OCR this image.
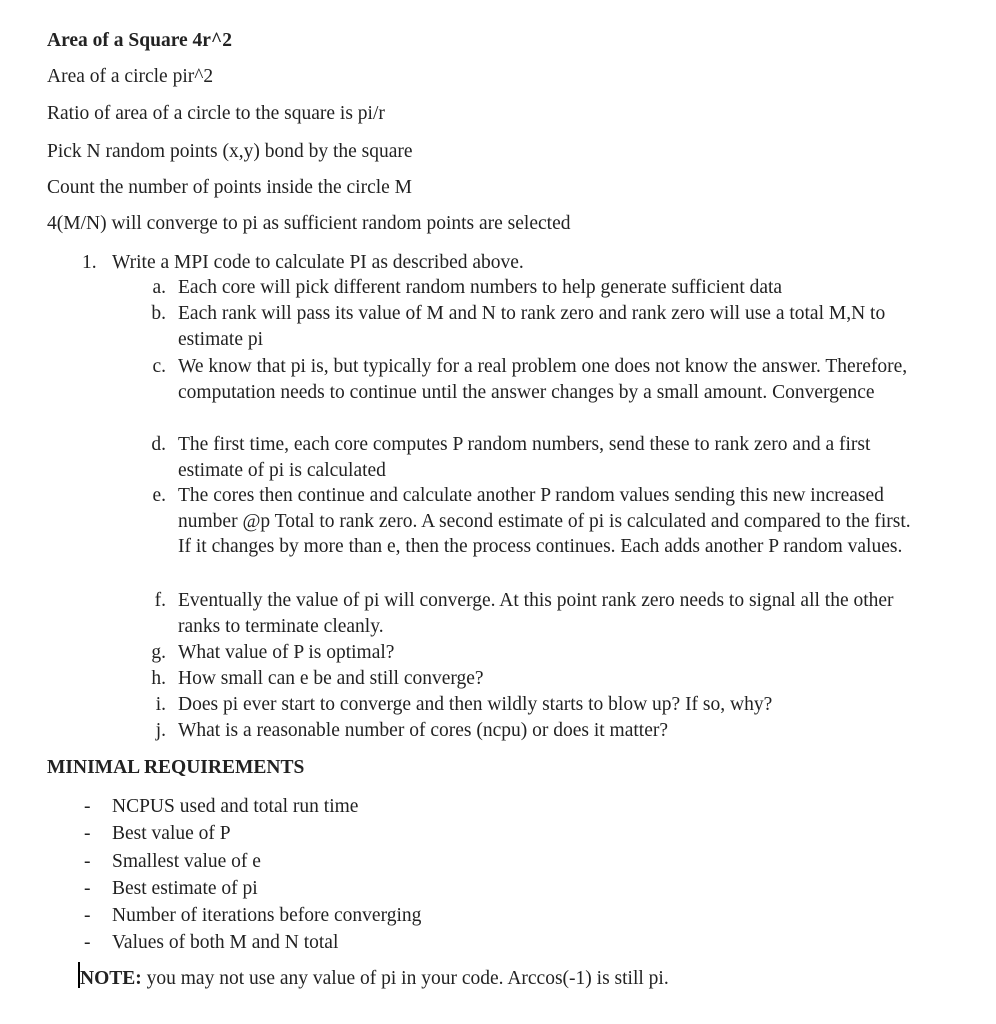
Area of a Square 4r^2
Area of a circle pir^2
Ratio of area of a circle to the square is pi/r
Pick N random points (x,y) bond by the square
Count the number of points inside the circle M
4(M/N) will converge to pi as sufficient random points are selected
1. Write a MPI code to calculate PI as described above.
a. Each core will pick different random numbers to help generate sufficient data
b. Each rank will pass its value of M and N to rank zero and rank zero will use a total M,N to estimate pi
c. We know that pi is, but typically for a real problem one does not know the answer. Therefore, computation needs to continue until the answer changes by a small amount. Convergence
d. The first time, each core computes P random numbers, send these to rank zero and a first estimate of pi is calculated
e. The cores then continue and calculate another P random values sending this new increased number @p Total to rank zero. A second estimate of pi is calculated and compared to the first. If it changes by more than e, then the process continues. Each adds another P random values.
f. Eventually the value of pi will converge. At this point rank zero needs to signal all the other ranks to terminate cleanly.
g. What value of P is optimal?
h. How small can e be and still converge?
i. Does pi ever start to converge and then wildly starts to blow up? If so, why?
j. What is a reasonable number of cores (ncpu) or does it matter?
MINIMAL REQUIREMENTS
- NCPUS used and total run time
- Best value of P
- Smallest value of e
- Best estimate of pi
- Number of iterations before converging
- Values of both M and N total
NOTE: you may not use any value of pi in your code. Arccos(-1) is still pi.
